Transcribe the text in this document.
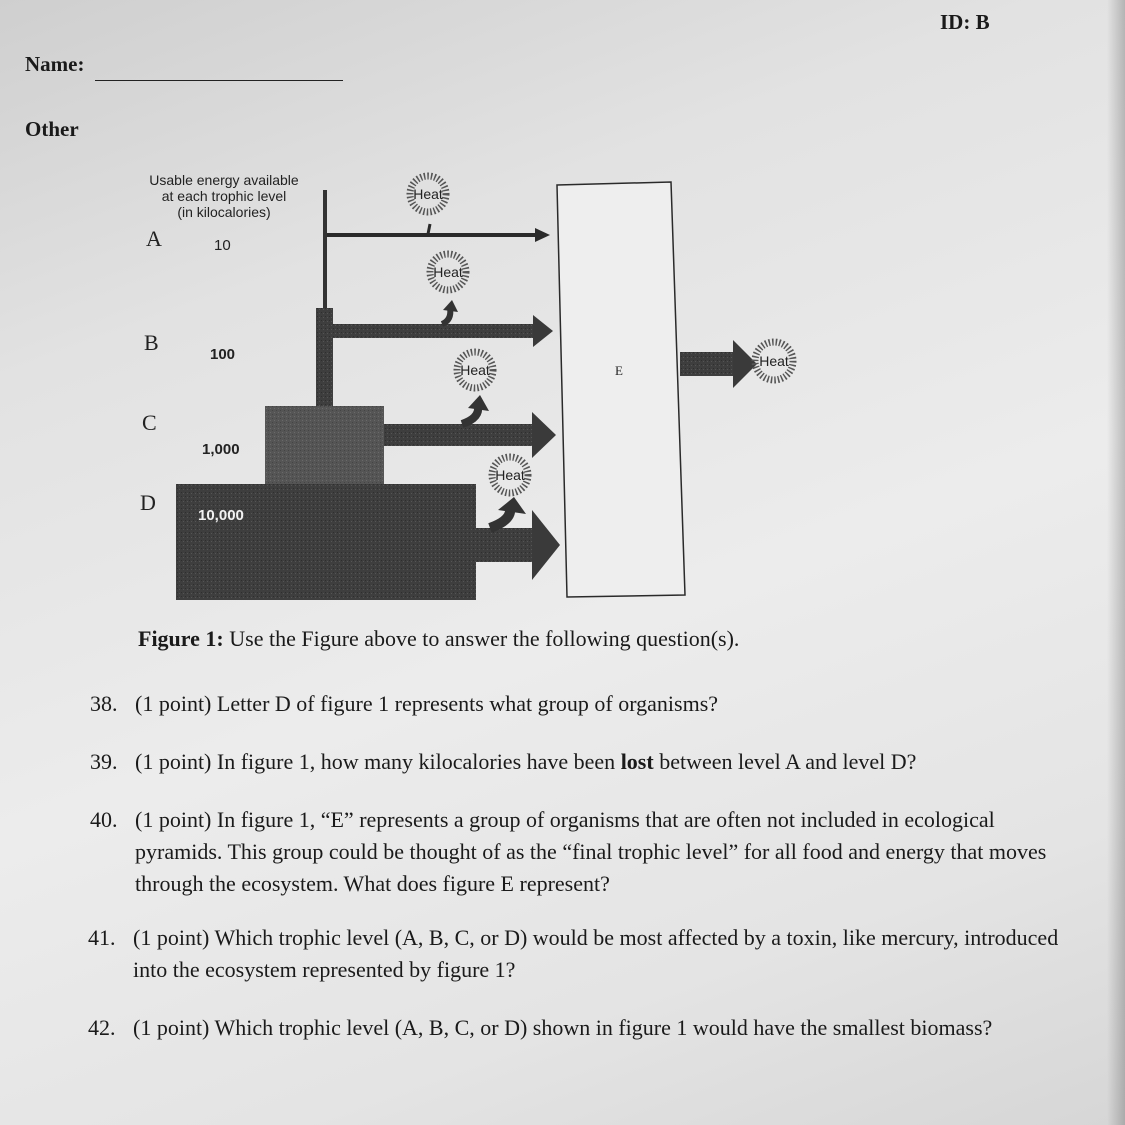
ID: B
Name:
Other
Usable energy available
at each trophic level
(in kilocalories)
A
B
C
D
10
100
1,000
10,000
E
Heat
Heat
Heat
Heat
Heat
Figure 1: Use the Figure above to answer the following question(s).
38. (1 point) Letter D of figure 1 represents what group of organisms?
39. (1 point) In figure 1, how many kilocalories have been lost between level A and level D?
40. (1 point) In figure 1, “E” represents a group of organisms that are often not included in ecological pyramids. This group could be thought of as the “final trophic level” for all food and energy that moves through the ecosystem. What does figure E represent?
41. (1 point) Which trophic level (A, B, C, or D) would be most affected by a toxin, like mercury, introduced into the ecosystem represented by figure 1?
42. (1 point) Which trophic level (A, B, C, or D) shown in figure 1 would have the smallest biomass?
